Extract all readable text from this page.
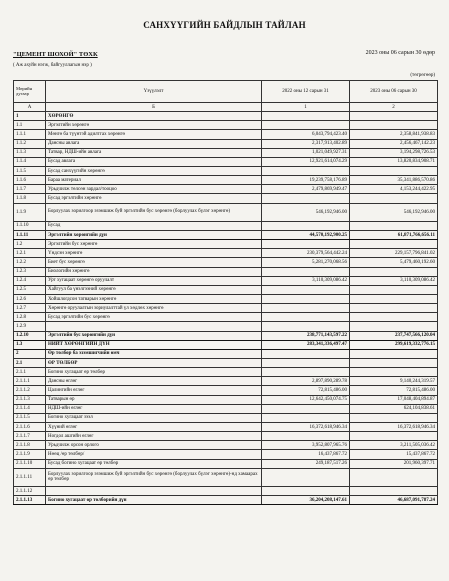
САНХҮҮГИЙН БАЙДЛЫН ТАЙЛАН
"ЦЕМЕНТ ШОХОЙ" ТӨХК	2023 оны 06 сарын 30 өдөр
( Аж ахуйн нэгж, байгууллагын нэр )
(төгрөгөөр)
Мөрийн дугаар	Үзүүлэлт	2022 оны 12 сарын 31	2023 оны 06 сарын 30
А	Б	1	2
1	ХӨРӨНГӨ		
1.1	Эргэлтийн хөрөнгө		
1.1.1	Мөнгө ба түүнтэй адилтгах хөрөнгө	6,043,794,423.40	2,358,841,938.83
1.1.2	Дансны авлага	2,317,913,402.89	2,456,467,142.23
1.1.3	Татвар, НДШ-ийн авлага	1,021,049,927.31	3,194,298,726.53
1.1.4	Бусад авлага	12,921,614,074.29	13,820,834,908.71
1.1.5	Бусад санхүүгийн хөрөнгө		
1.1.6	Бараа материал	19,239,758,176.89	35,341,886,570.86
1.1.7	Урьдчилж төлсөн зардал/тооцоо	2,479,869,949.47	4,153,244,422.95
1.1.8	Бусад эргэлтийн хөрөнгө		
1.1.9	Борлуулах зорилгоор эзэмшиж буй эргэлтийн бус хөрөнгө (борлуулах бүлэг хөрөнгө)	546,192,946.00	546,192,946.00
1.1.10	Бусад		
1.1.11	Эргэлтийн хөрөнгийн дүн	44,570,192,900.25	61,871,766,656.11
1.2	Эргэлтийн бус хөрөнгө		
1.2.1	Үндсэн хөрөнгө	230,379,564,442.24	229,157,796,841.02
1.2.2	Биет бус хөрөнгө	5,281,270,068.56	5,479,460,192.60
1.2.3	Биологийн хөрөнгө		
1.2.4	Урт хугацаат хөрөнгө оруулалт	3,110,309,086.42	3,110,309,086.42
1.2.5	Хайгуул ба үнэлгээний хөрөнгө		
1.2.6	Хойшлогдсон татварын хөрөнгө		
1.2.7	Хөрөнгө оруулалтын зориулалттай үл хөдлөх хөрөнгө		
1.2.8	Бусад эргэлтийн бус хөрөнгө		
1.2.9			
1.2.10	Эргэлтийн бус хөрөнгийн дүн	238,771,143,597.22	237,747,566,120.04
1.3	НИЙТ ХӨРӨНГИЙН ДҮН	283,341,336,497.47	299,619,332,776.15
2	Өр төлбөр ба эзэмшигчийн өмч		
2.1	ӨР ТӨЛБӨР		
2.1.1	Богино хугацаат өр төлбөр		
2.1.1.1	Дансны өглөг	2,897,890,289.78	9,140,244,319.57
2.1.1.2	Цалингийн өглөг	72,815,486.00	72,815,486.00
2.1.1.3	Татварын өр	12,642,450,074.75	17,048,404,894.87
2.1.1.4	НДШ-ийн өглөг		624,104,838.61
2.1.1.5	Богино хугацаат зээл		
2.1.1.6	Хүүний өглөг	16,372,618,946.34	16,372,618,946.34
2.1.1.7	Ногдол ашгийн өглөг		
2.1.1.8	Урьдчилж орсон орлого	3,952,807,965.76	3,211,505,036.42
2.1.1.9	Нөөц /өр төлбөр/	16,437,867.72	15,437,867.72
2.1.1.10	Бусад богино хугацаат өр төлбөр	249,187,517.26	201,960,397.71
2.1.1.11	Борлуулах зорилгоор эзэмшиж буй эргэлтийн бус хөрөнгө (борлуулах бүлэг хөрөнгө)-нд хамаарах өр төлбөр		
2.1.1.12			
2.1.1.13	Богино хугацаат өр төлбөрийн дүн	36,204,208,147.61	46,687,091,787.24
